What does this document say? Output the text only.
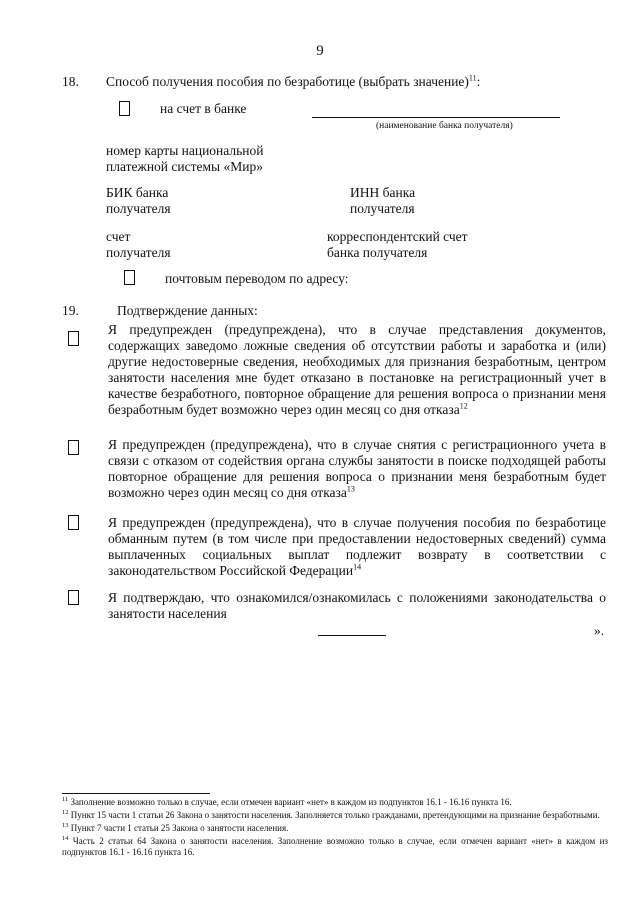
9
18. Способ получения пособия по безработице (выбрать значение)$^{11}$:
на счет в банке
(наименование банка получателя)
номер карты национальной
платежной системы «Мир»
БИК банка
получателя
ИНН банка
получателя
счет
получателя
корреспондентский счет
банка получателя
почтовым переводом по адресу:
19.	Подтверждение данных:
Я предупрежден (предупреждена), что в случае представления документов, содержащих заведомо ложные сведения об отсутствии работы и заработка и (или) другие недостоверные сведения, необходимых для признания безработным, центром занятости населения мне будет отказано в постановке на регистрационный учет в качестве безработного, повторное обращение для решения вопроса о признании меня безработным будет возможно через один месяц со дня отказа$^{12}$
Я предупрежден (предупреждена), что в случае снятия с регистрационного учета в связи с отказом от содействия органа службы занятости в поиске подходящей работы повторное обращение для решения вопроса о признании меня безработным будет возможно через один месяц со дня отказа$^{13}$
Я предупрежден (предупреждена), что в случае получения пособия по безработице обманным путем (в том числе при предоставлении недостоверных сведений) сумма выплаченных социальных выплат подлежит возврату в соответствии с законодательством Российской Федерации$^{14}$
Я подтверждаю, что ознакомился/ознакомилась с положениями законодательства о занятости населения
».
$^{11}$ Заполнение возможно только в случае, если отмечен вариант «нет» в каждом из подпунктов 16.1 - 16.16 пункта 16.
$^{12}$ Пункт 15 части 1 статьи 26 Закона о занятости населения. Заполняется только гражданами, претендующими на признание безработными.
$^{13}$ Пункт 7 части 1 статьи 25 Закона о занятости населения.
$^{14}$ Часть 2 статьи 64 Закона о занятости населения. Заполнение возможно только в случае, если отмечен вариант «нет» в каждом из подпунктов 16.1 - 16.16 пункта 16.
